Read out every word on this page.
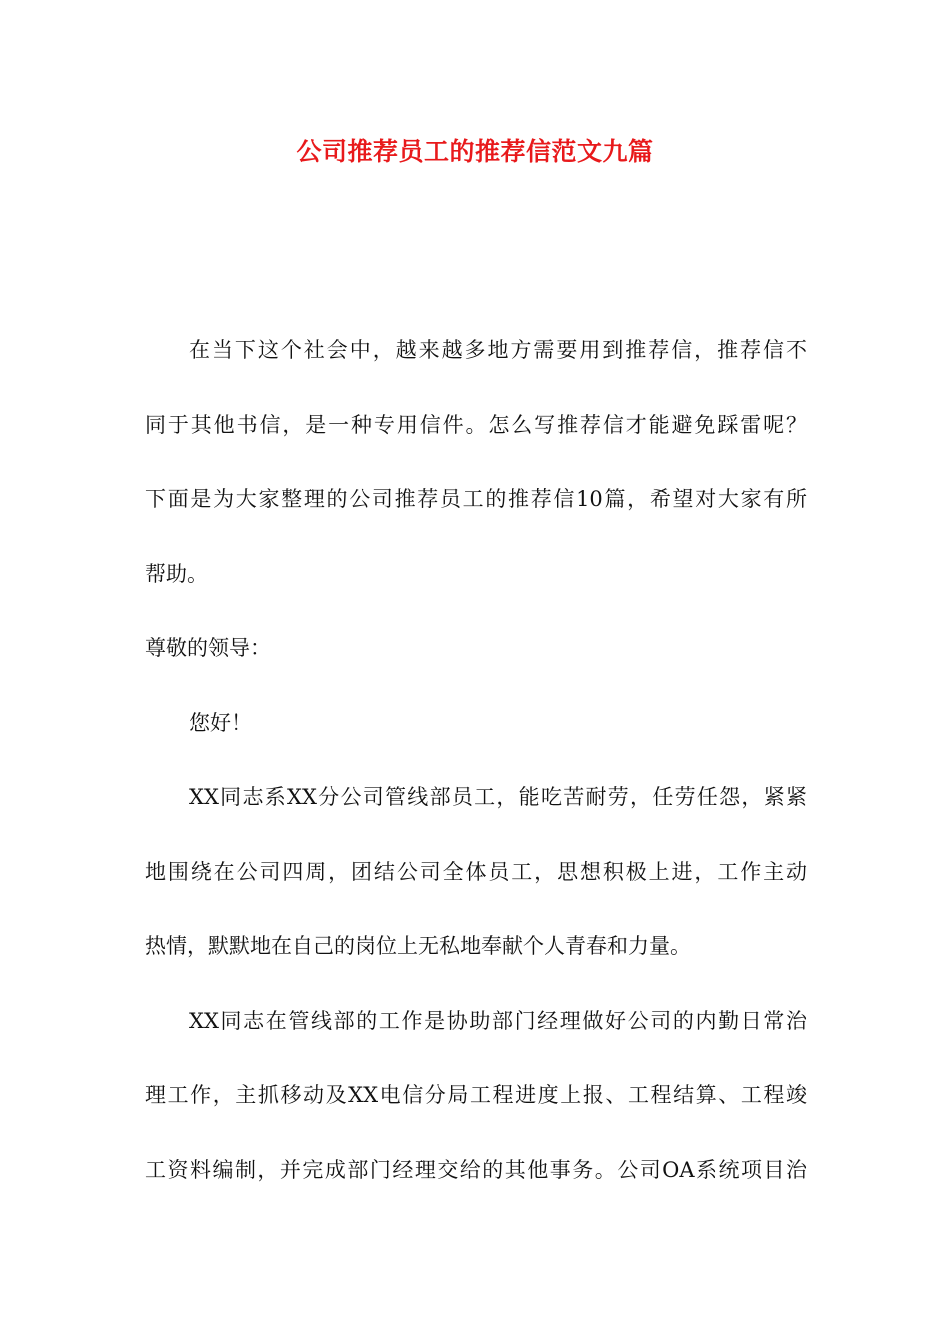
公司推荐员工的推荐信范文九篇
在当下这个社会中，越来越多地方需要用到推荐信，推荐信不
同于其他书信，是一种专用信件。怎么写推荐信才能避免踩雷呢？
下面是为大家整理的公司推荐员工的推荐信10篇，希望对大家有所
帮助。
尊敬的领导：
您好！
XX同志系XX分公司管线部员工，能吃苦耐劳，任劳任怨，紧紧
地围绕在公司四周，团结公司全体员工，思想积极上进，工作主动
热情，默默地在自己的岗位上无私地奉献个人青春和力量。
XX同志在管线部的工作是协助部门经理做好公司的内勤日常治
理工作，主抓移动及XX电信分局工程进度上报、工程结算、工程竣
工资料编制，并完成部门经理交给的其他事务。公司OA系统项目治
